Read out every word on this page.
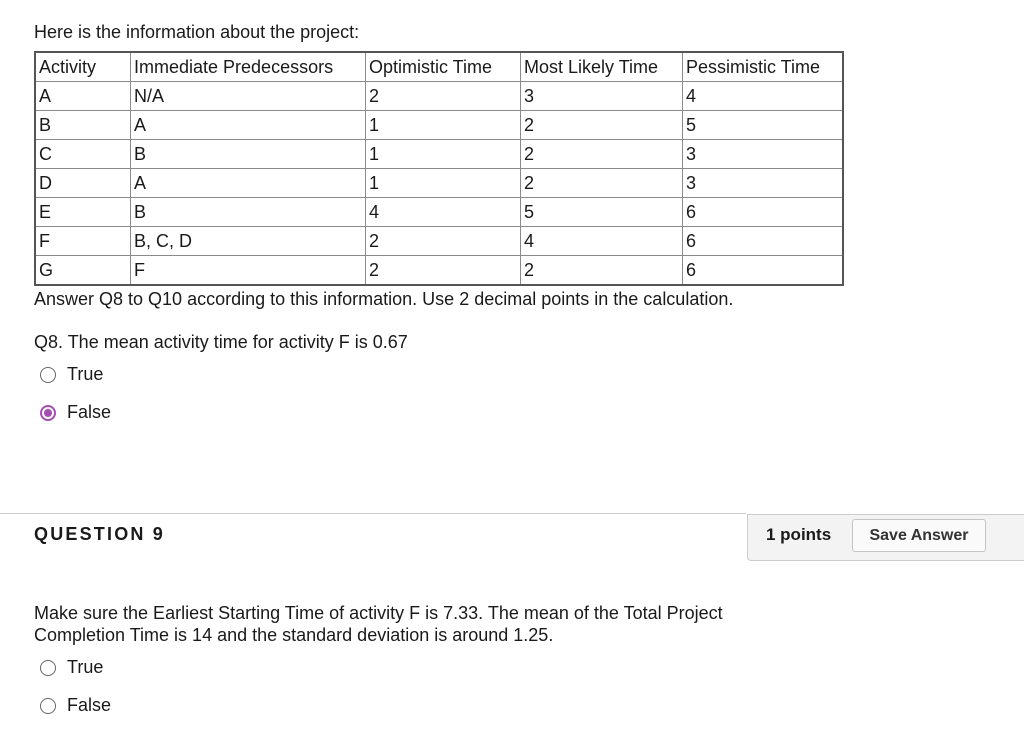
Here is the information about the project:
Activity	Immediate Predecessors	Optimistic Time	Most Likely Time	Pessimistic Time
A	N/A	2	3	4
B	A	1	2	5
C	B	1	2	3
D	A	1	2	3
E	B	4	5	6
F	B, C, D	2	4	6
G	F	2	2	6
Answer Q8 to Q10 according to this information. Use 2 decimal points in the calculation.
Q8. The mean activity time for activity F is 0.67
True
False
QUESTION 9	1 points	Save Answer
Make sure the Earliest Starting Time of activity F is 7.33. The mean of the Total Project Completion Time is 14 and the standard deviation is around 1.25.
True
False
